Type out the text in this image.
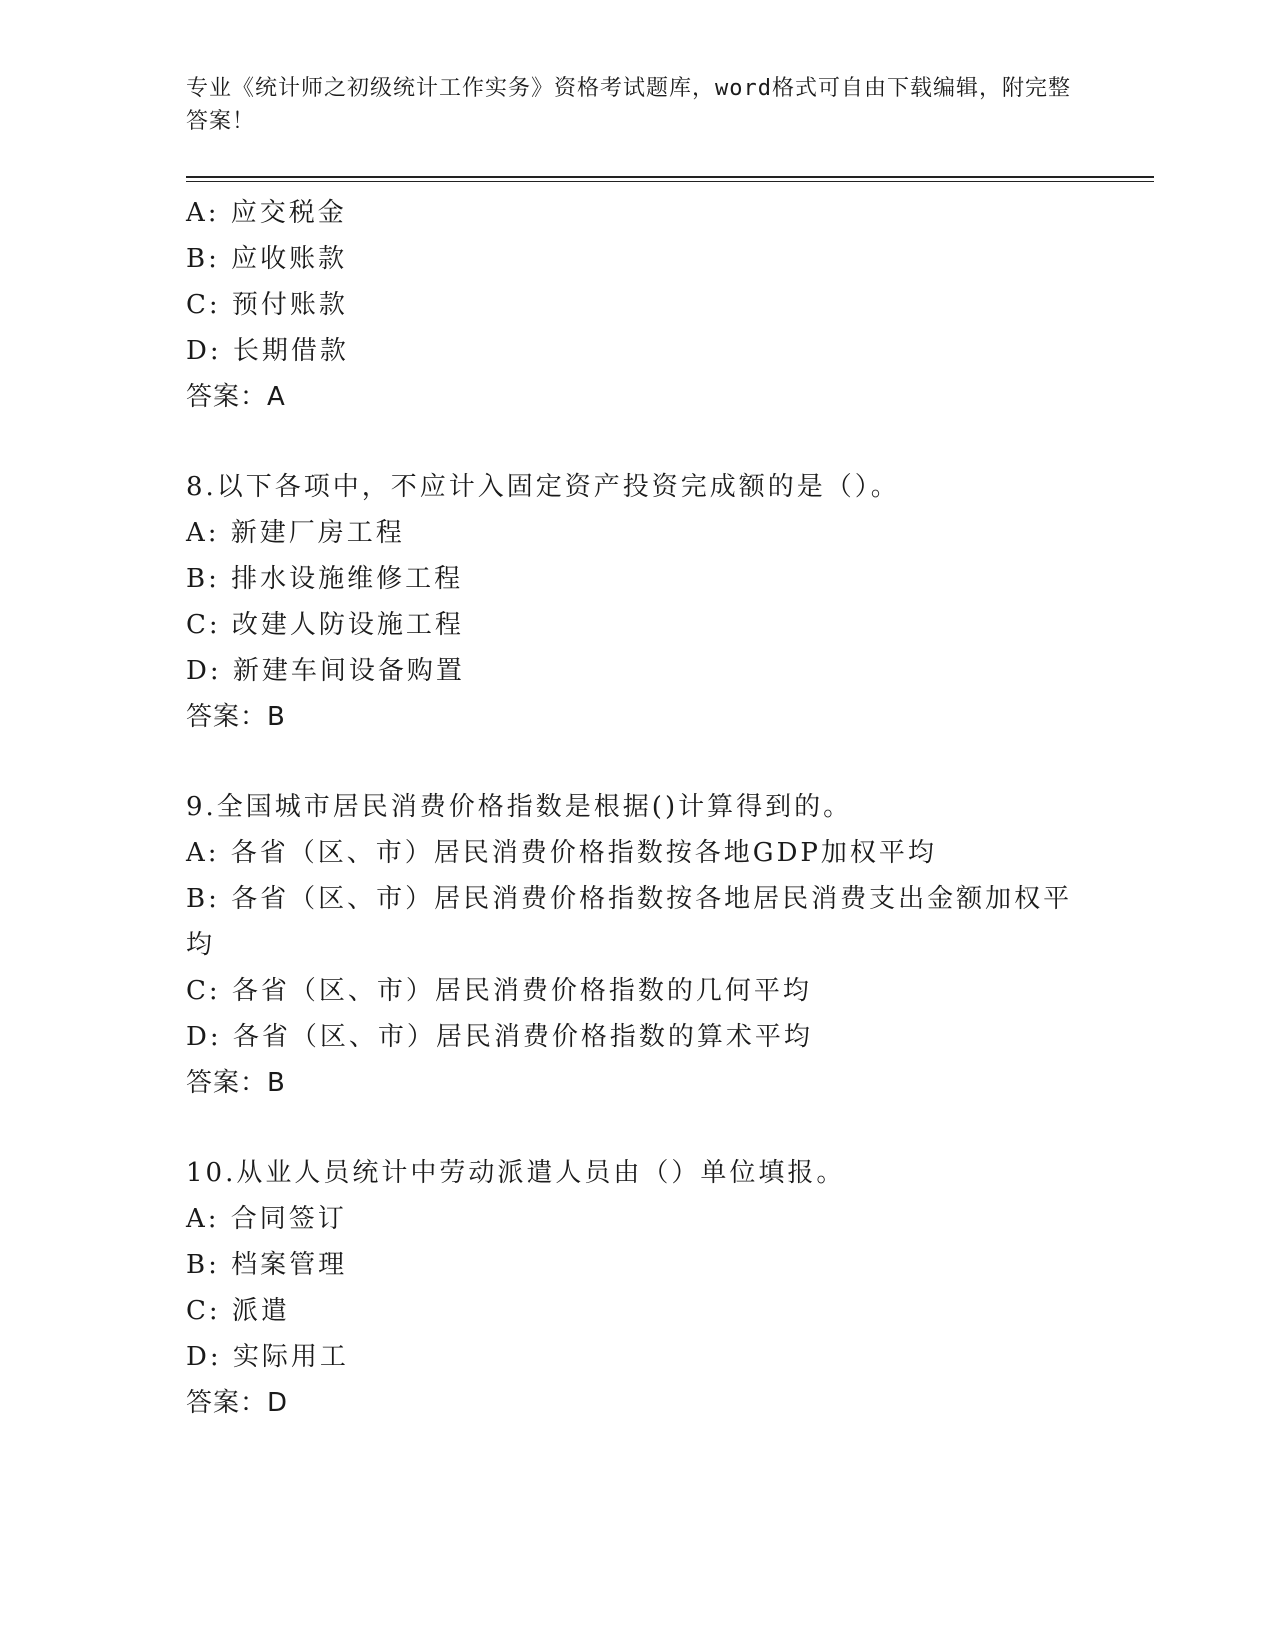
专业《统计师之初级统计工作实务》资格考试题库，word格式可自由下载编辑，附完整答案！
A: 应交税金
B: 应收账款
C: 预付账款
D: 长期借款
答案：A
8.以下各项中，不应计入固定资产投资完成额的是（）。
A: 新建厂房工程
B: 排水设施维修工程
C: 改建人防设施工程
D: 新建车间设备购置
答案：B
9.全国城市居民消费价格指数是根据()计算得到的。
A: 各省（区、市）居民消费价格指数按各地GDP加权平均
B: 各省（区、市）居民消费价格指数按各地居民消费支出金额加权平均
C: 各省（区、市）居民消费价格指数的几何平均
D: 各省（区、市）居民消费价格指数的算术平均
答案：B
10.从业人员统计中劳动派遣人员由（）单位填报。
A: 合同签订
B: 档案管理
C: 派遣
D: 实际用工
答案：D
